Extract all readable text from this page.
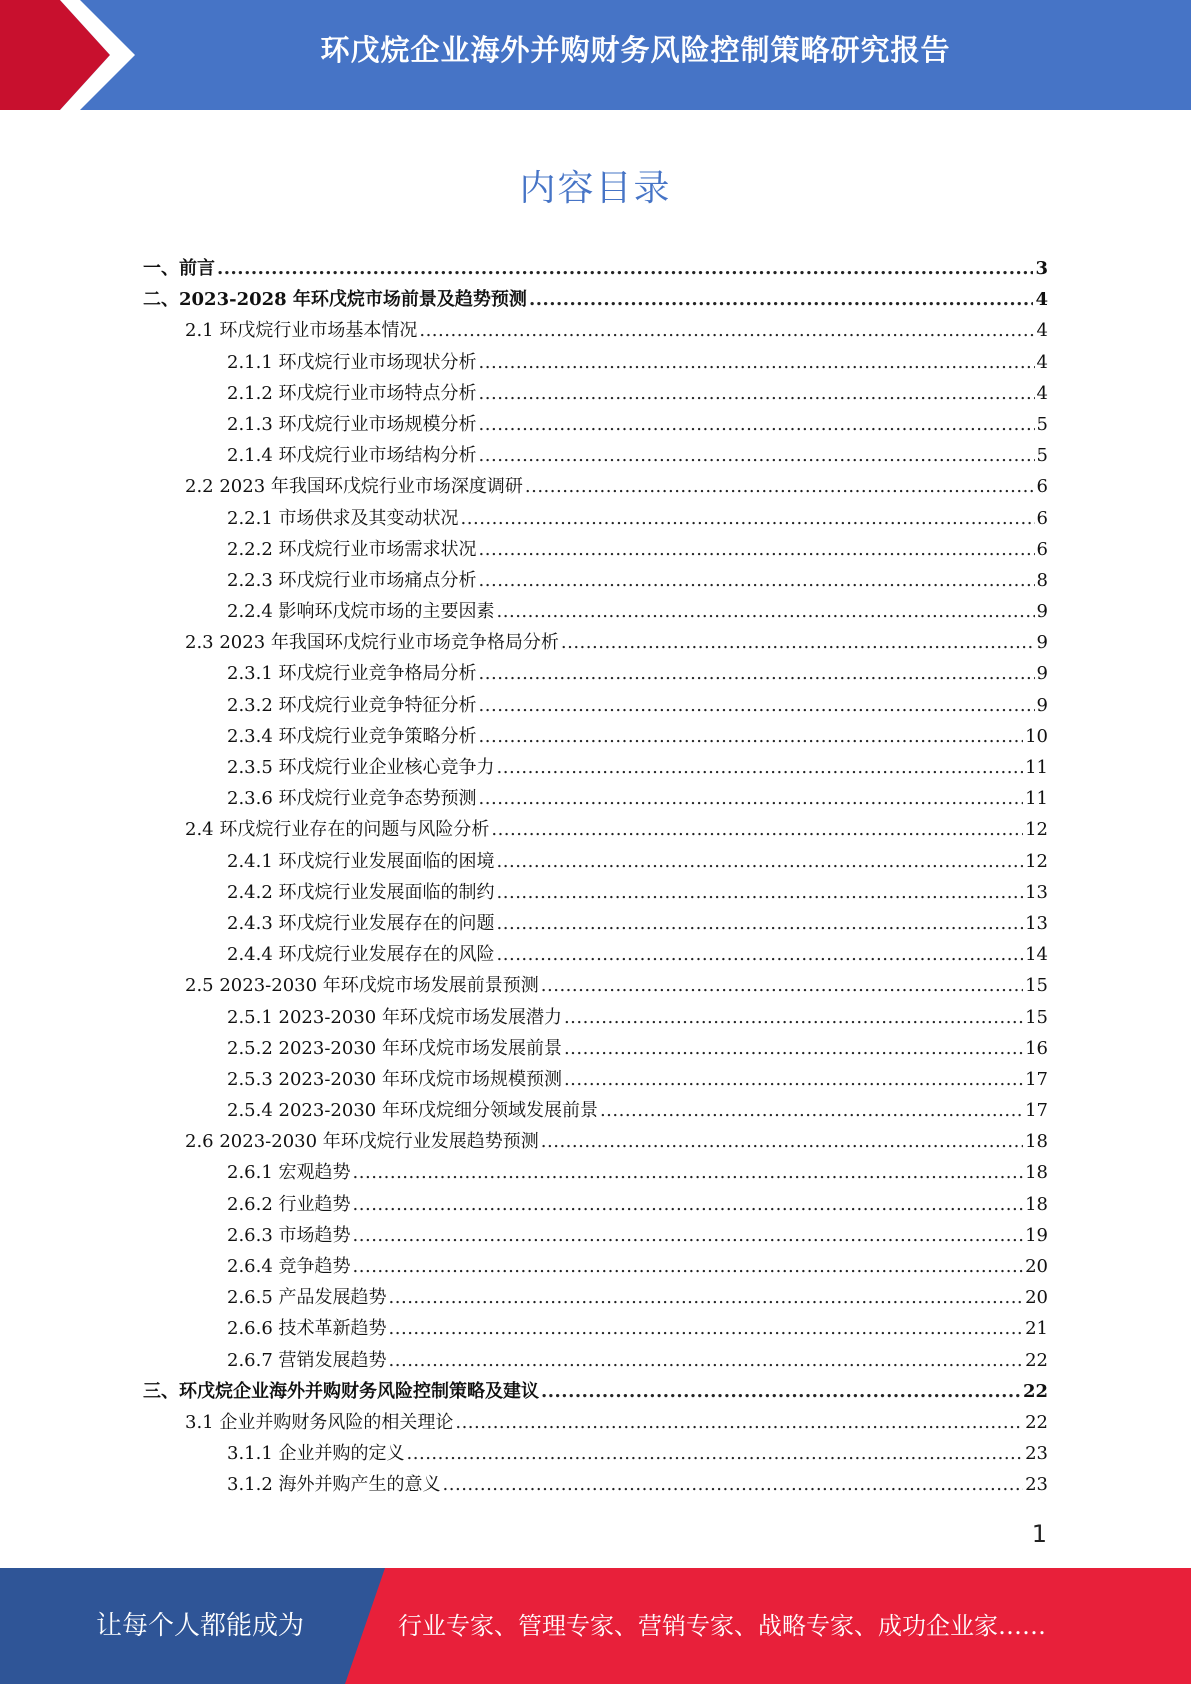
环戊烷企业海外并购财务风险控制策略研究报告
内容目录
一、前言 .....	3
二、2023-2028 年环戊烷市场前景及趋势预测 .....	4
2.1 环戊烷行业市场基本情况 .....	4
2.1.1 环戊烷行业市场现状分析 .....	4
2.1.2 环戊烷行业市场特点分析 .....	4
2.1.3 环戊烷行业市场规模分析 .....	5
2.1.4 环戊烷行业市场结构分析 .....	5
2.2 2023 年我国环戊烷行业市场深度调研 .....	6
2.2.1 市场供求及其变动状况 .....	6
2.2.2 环戊烷行业市场需求状况 .....	6
2.2.3 环戊烷行业市场痛点分析 .....	8
2.2.4 影响环戊烷市场的主要因素 .....	9
2.3 2023 年我国环戊烷行业市场竞争格局分析 .....	9
2.3.1 环戊烷行业竞争格局分析 .....	9
2.3.2 环戊烷行业竞争特征分析 .....	9
2.3.4 环戊烷行业竞争策略分析 .....	10
2.3.5 环戊烷行业企业核心竞争力 .....	11
2.3.6 环戊烷行业竞争态势预测 .....	11
2.4 环戊烷行业存在的问题与风险分析 .....	12
2.4.1 环戊烷行业发展面临的困境 .....	12
2.4.2 环戊烷行业发展面临的制约 .....	13
2.4.3 环戊烷行业发展存在的问题 .....	13
2.4.4 环戊烷行业发展存在的风险 .....	14
2.5 2023-2030 年环戊烷市场发展前景预测 .....	15
2.5.1 2023-2030 年环戊烷市场发展潜力 .....	15
2.5.2 2023-2030 年环戊烷市场发展前景 .....	16
2.5.3 2023-2030 年环戊烷市场规模预测 .....	17
2.5.4 2023-2030 年环戊烷细分领域发展前景 .....	17
2.6 2023-2030 年环戊烷行业发展趋势预测 .....	18
2.6.1 宏观趋势 .....	18
2.6.2 行业趋势 .....	18
2.6.3 市场趋势 .....	19
2.6.4 竞争趋势 .....	20
2.6.5 产品发展趋势 .....	20
2.6.6 技术革新趋势 .....	21
2.6.7 营销发展趋势 .....	22
三、环戊烷企业海外并购财务风险控制策略及建议 .....	22
3.1 企业并购财务风险的相关理论 .....	22
3.1.1 企业并购的定义 .....	23
3.1.2 海外并购产生的意义 .....	23
1
让每个人都能成为	行业专家、管理专家、营销专家、战略专家、成功企业家……
